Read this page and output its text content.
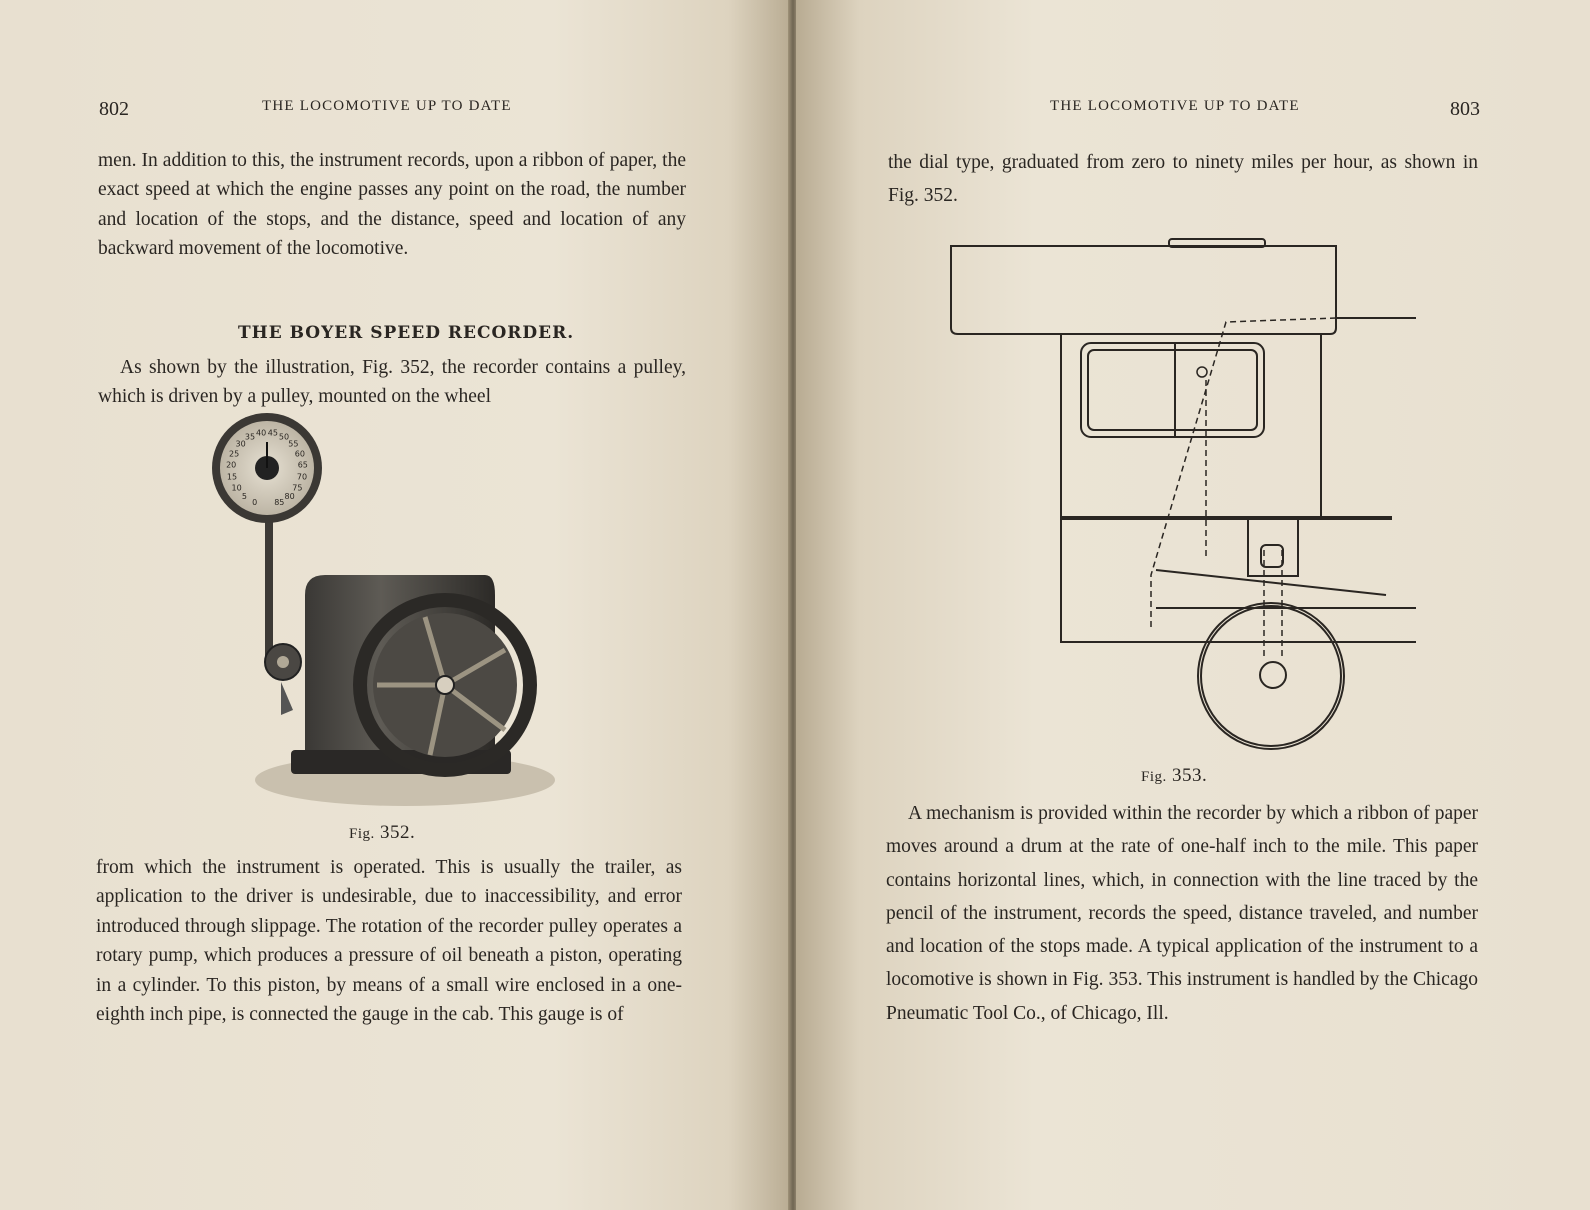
802	THE LOCOMOTIVE UP TO DATE

men. In addition to this, the instrument records, upon a ribbon of paper, the exact speed at which the engine passes any point on the road, the number and location of the stops, and the distance, speed and location of any backward movement of the locomotive.

THE BOYER SPEED RECORDER.

As shown by the illustration, Fig. 352, the recorder contains a pulley, which is driven by a pulley, mounted on the wheel

0
5
10
15
20
25
30
35 40 45 50
55
60
65
70
75
80
85
Fig. 352.

from which the instrument is operated. This is usually the trailer, as application to the driver is undesirable, due to inaccessibility, and error introduced through slippage. The rotation of the recorder pulley operates a rotary pump, which produces a pressure of oil beneath a piston, operating in a cylinder. To this piston, by means of a small wire enclosed in a one-eighth inch pipe, is connected the gauge in the cab. This gauge is of

THE LOCOMOTIVE UP TO DATE	803

the dial type, graduated from zero to ninety miles per hour, as shown in Fig. 352.

Fig. 353.

A mechanism is provided within the recorder by which a ribbon of paper moves around a drum at the rate of one-half inch to the mile. This paper contains horizontal lines, which, in connection with the line traced by the pencil of the instrument, records the speed, distance traveled, and number and location of the stops made. A typical application of the instrument to a locomotive is shown in Fig. 353. This instrument is handled by the Chicago Pneumatic Tool Co., of Chicago, Ill.
